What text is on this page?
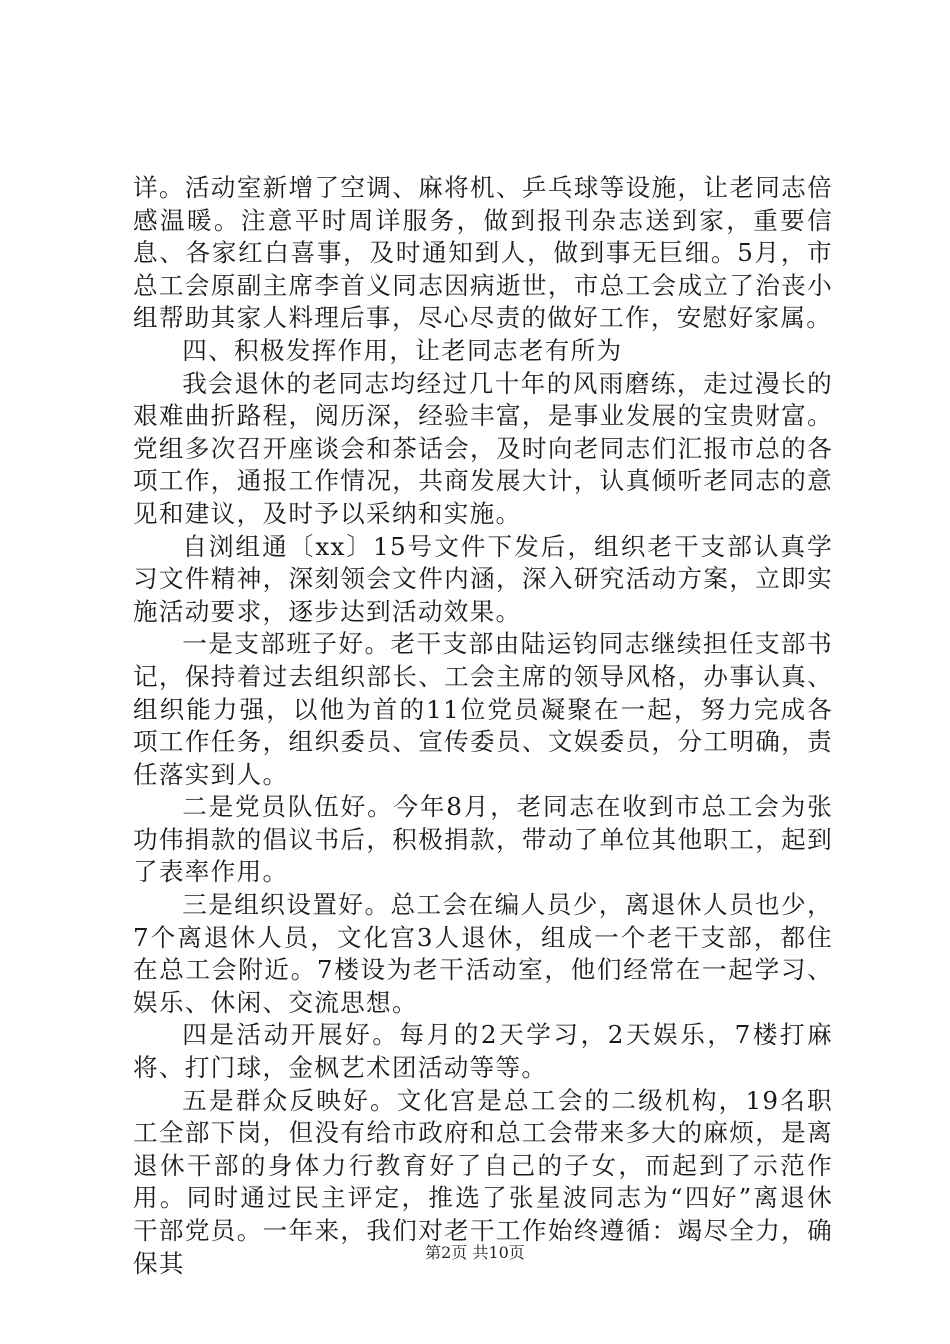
详。活动室新增了空调、麻将机、乒乓球等设施，让老同志倍感温暖。注意平时周详服务，做到报刊杂志送到家，重要信息、各家红白喜事，及时通知到人，做到事无巨细。5月，市总工会原副主席李首义同志因病逝世，市总工会成立了治丧小组帮助其家人料理后事，尽心尽责的做好工作，安慰好家属。

四、积极发挥作用，让老同志老有所为

我会退休的老同志均经过几十年的风雨磨练，走过漫长的艰难曲折路程，阅历深，经验丰富，是事业发展的宝贵财富。党组多次召开座谈会和茶话会，及时向老同志们汇报市总的各项工作，通报工作情况，共商发展大计，认真倾听老同志的意见和建议，及时予以采纳和实施。

自浏组通〔xx〕15号文件下发后，组织老干支部认真学习文件精神，深刻领会文件内涵，深入研究活动方案，立即实施活动要求，逐步达到活动效果。

一是支部班子好。老干支部由陆运钧同志继续担任支部书记，保持着过去组织部长、工会主席的领导风格，办事认真、组织能力强，以他为首的11位党员凝聚在一起，努力完成各项工作任务，组织委员、宣传委员、文娱委员，分工明确，责任落实到人。

二是党员队伍好。今年8月，老同志在收到市总工会为张功伟捐款的倡议书后，积极捐款，带动了单位其他职工，起到了表率作用。

三是组织设置好。总工会在编人员少，离退休人员也少，7个离退休人员，文化宫3人退休，组成一个老干支部，都住在总工会附近。7楼设为老干活动室，他们经常在一起学习、娱乐、休闲、交流思想。

四是活动开展好。每月的2天学习，2天娱乐，7楼打麻将、打门球，金枫艺术团活动等等。

五是群众反映好。文化宫是总工会的二级机构，19名职工全部下岗，但没有给市政府和总工会带来多大的麻烦，是离退休干部的身体力行教育好了自己的子女，而起到了示范作用。同时通过民主评定，推选了张星波同志为“四好”离退休干部党员。一年来，我们对老干工作始终遵循：竭尽全力，确保其	第2页 共10页
